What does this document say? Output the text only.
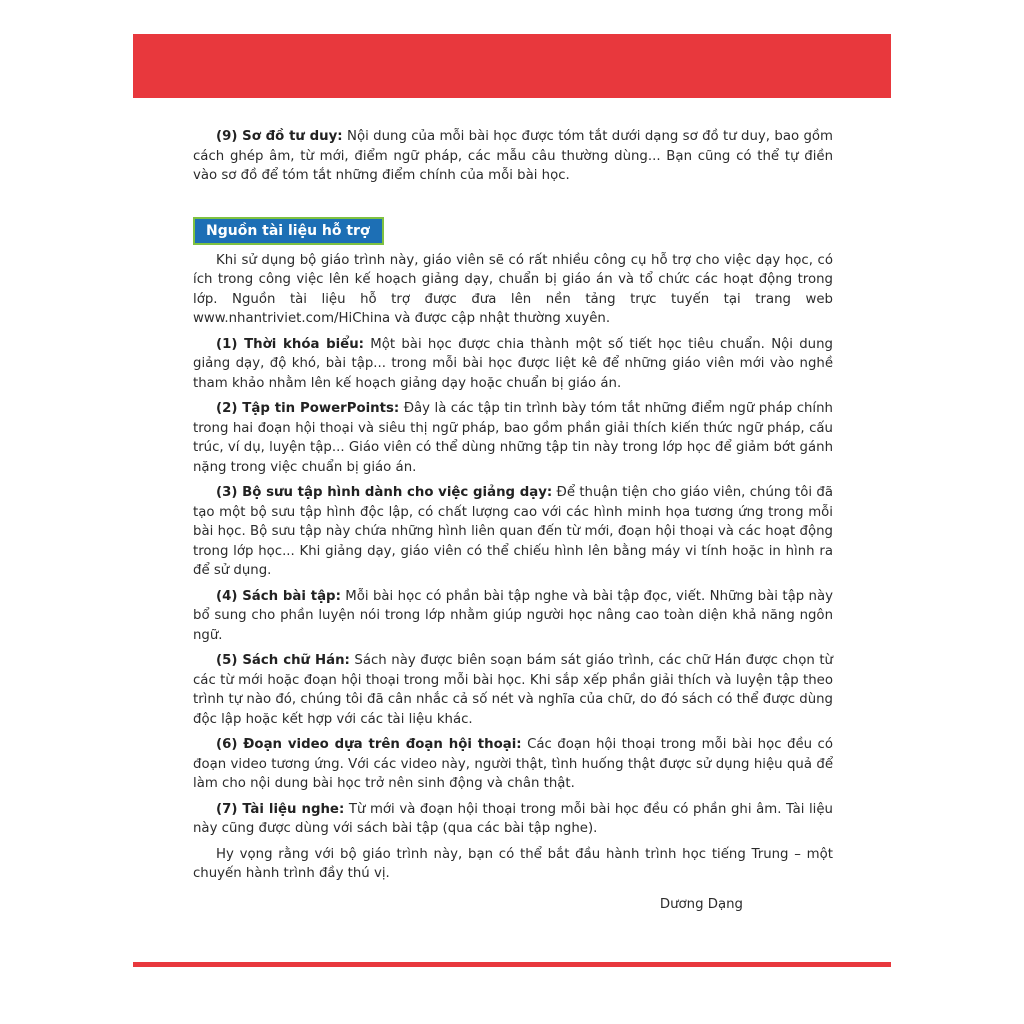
(9) Sơ đồ tư duy: Nội dung của mỗi bài học được tóm tắt dưới dạng sơ đồ tư duy, bao gồm cách ghép âm, từ mới, điểm ngữ pháp, các mẫu câu thường dùng... Bạn cũng có thể tự điền vào sơ đồ để tóm tắt những điểm chính của mỗi bài học.

Nguồn tài liệu hỗ trợ

Khi sử dụng bộ giáo trình này, giáo viên sẽ có rất nhiều công cụ hỗ trợ cho việc dạy học, có ích trong công việc lên kế hoạch giảng dạy, chuẩn bị giáo án và tổ chức các hoạt động trong lớp. Nguồn tài liệu hỗ trợ được đưa lên nền tảng trực tuyến tại trang web www.nhantriviet.com/HiChina và được cập nhật thường xuyên.

(1) Thời khóa biểu: Một bài học được chia thành một số tiết học tiêu chuẩn. Nội dung giảng dạy, độ khó, bài tập... trong mỗi bài học được liệt kê để những giáo viên mới vào nghề tham khảo nhằm lên kế hoạch giảng dạy hoặc chuẩn bị giáo án.

(2) Tập tin PowerPoints: Đây là các tập tin trình bày tóm tắt những điểm ngữ pháp chính trong hai đoạn hội thoại và siêu thị ngữ pháp, bao gồm phần giải thích kiến thức ngữ pháp, cấu trúc, ví dụ, luyện tập... Giáo viên có thể dùng những tập tin này trong lớp học để giảm bớt gánh nặng trong việc chuẩn bị giáo án.

(3) Bộ sưu tập hình dành cho việc giảng dạy: Để thuận tiện cho giáo viên, chúng tôi đã tạo một bộ sưu tập hình độc lập, có chất lượng cao với các hình minh họa tương ứng trong mỗi bài học. Bộ sưu tập này chứa những hình liên quan đến từ mới, đoạn hội thoại và các hoạt động trong lớp học... Khi giảng dạy, giáo viên có thể chiếu hình lên bằng máy vi tính hoặc in hình ra để sử dụng.

(4) Sách bài tập: Mỗi bài học có phần bài tập nghe và bài tập đọc, viết. Những bài tập này bổ sung cho phần luyện nói trong lớp nhằm giúp người học nâng cao toàn diện khả năng ngôn ngữ.

(5) Sách chữ Hán: Sách này được biên soạn bám sát giáo trình, các chữ Hán được chọn từ các từ mới hoặc đoạn hội thoại trong mỗi bài học. Khi sắp xếp phần giải thích và luyện tập theo trình tự nào đó, chúng tôi đã cân nhắc cả số nét và nghĩa của chữ, do đó sách có thể được dùng độc lập hoặc kết hợp với các tài liệu khác.

(6) Đoạn video dựa trên đoạn hội thoại: Các đoạn hội thoại trong mỗi bài học đều có đoạn video tương ứng. Với các video này, người thật, tình huống thật được sử dụng hiệu quả để làm cho nội dung bài học trở nên sinh động và chân thật.

(7) Tài liệu nghe: Từ mới và đoạn hội thoại trong mỗi bài học đều có phần ghi âm. Tài liệu này cũng được dùng với sách bài tập (qua các bài tập nghe).

Hy vọng rằng với bộ giáo trình này, bạn có thể bắt đầu hành trình học tiếng Trung – một chuyến hành trình đầy thú vị.

Dương Dạng
